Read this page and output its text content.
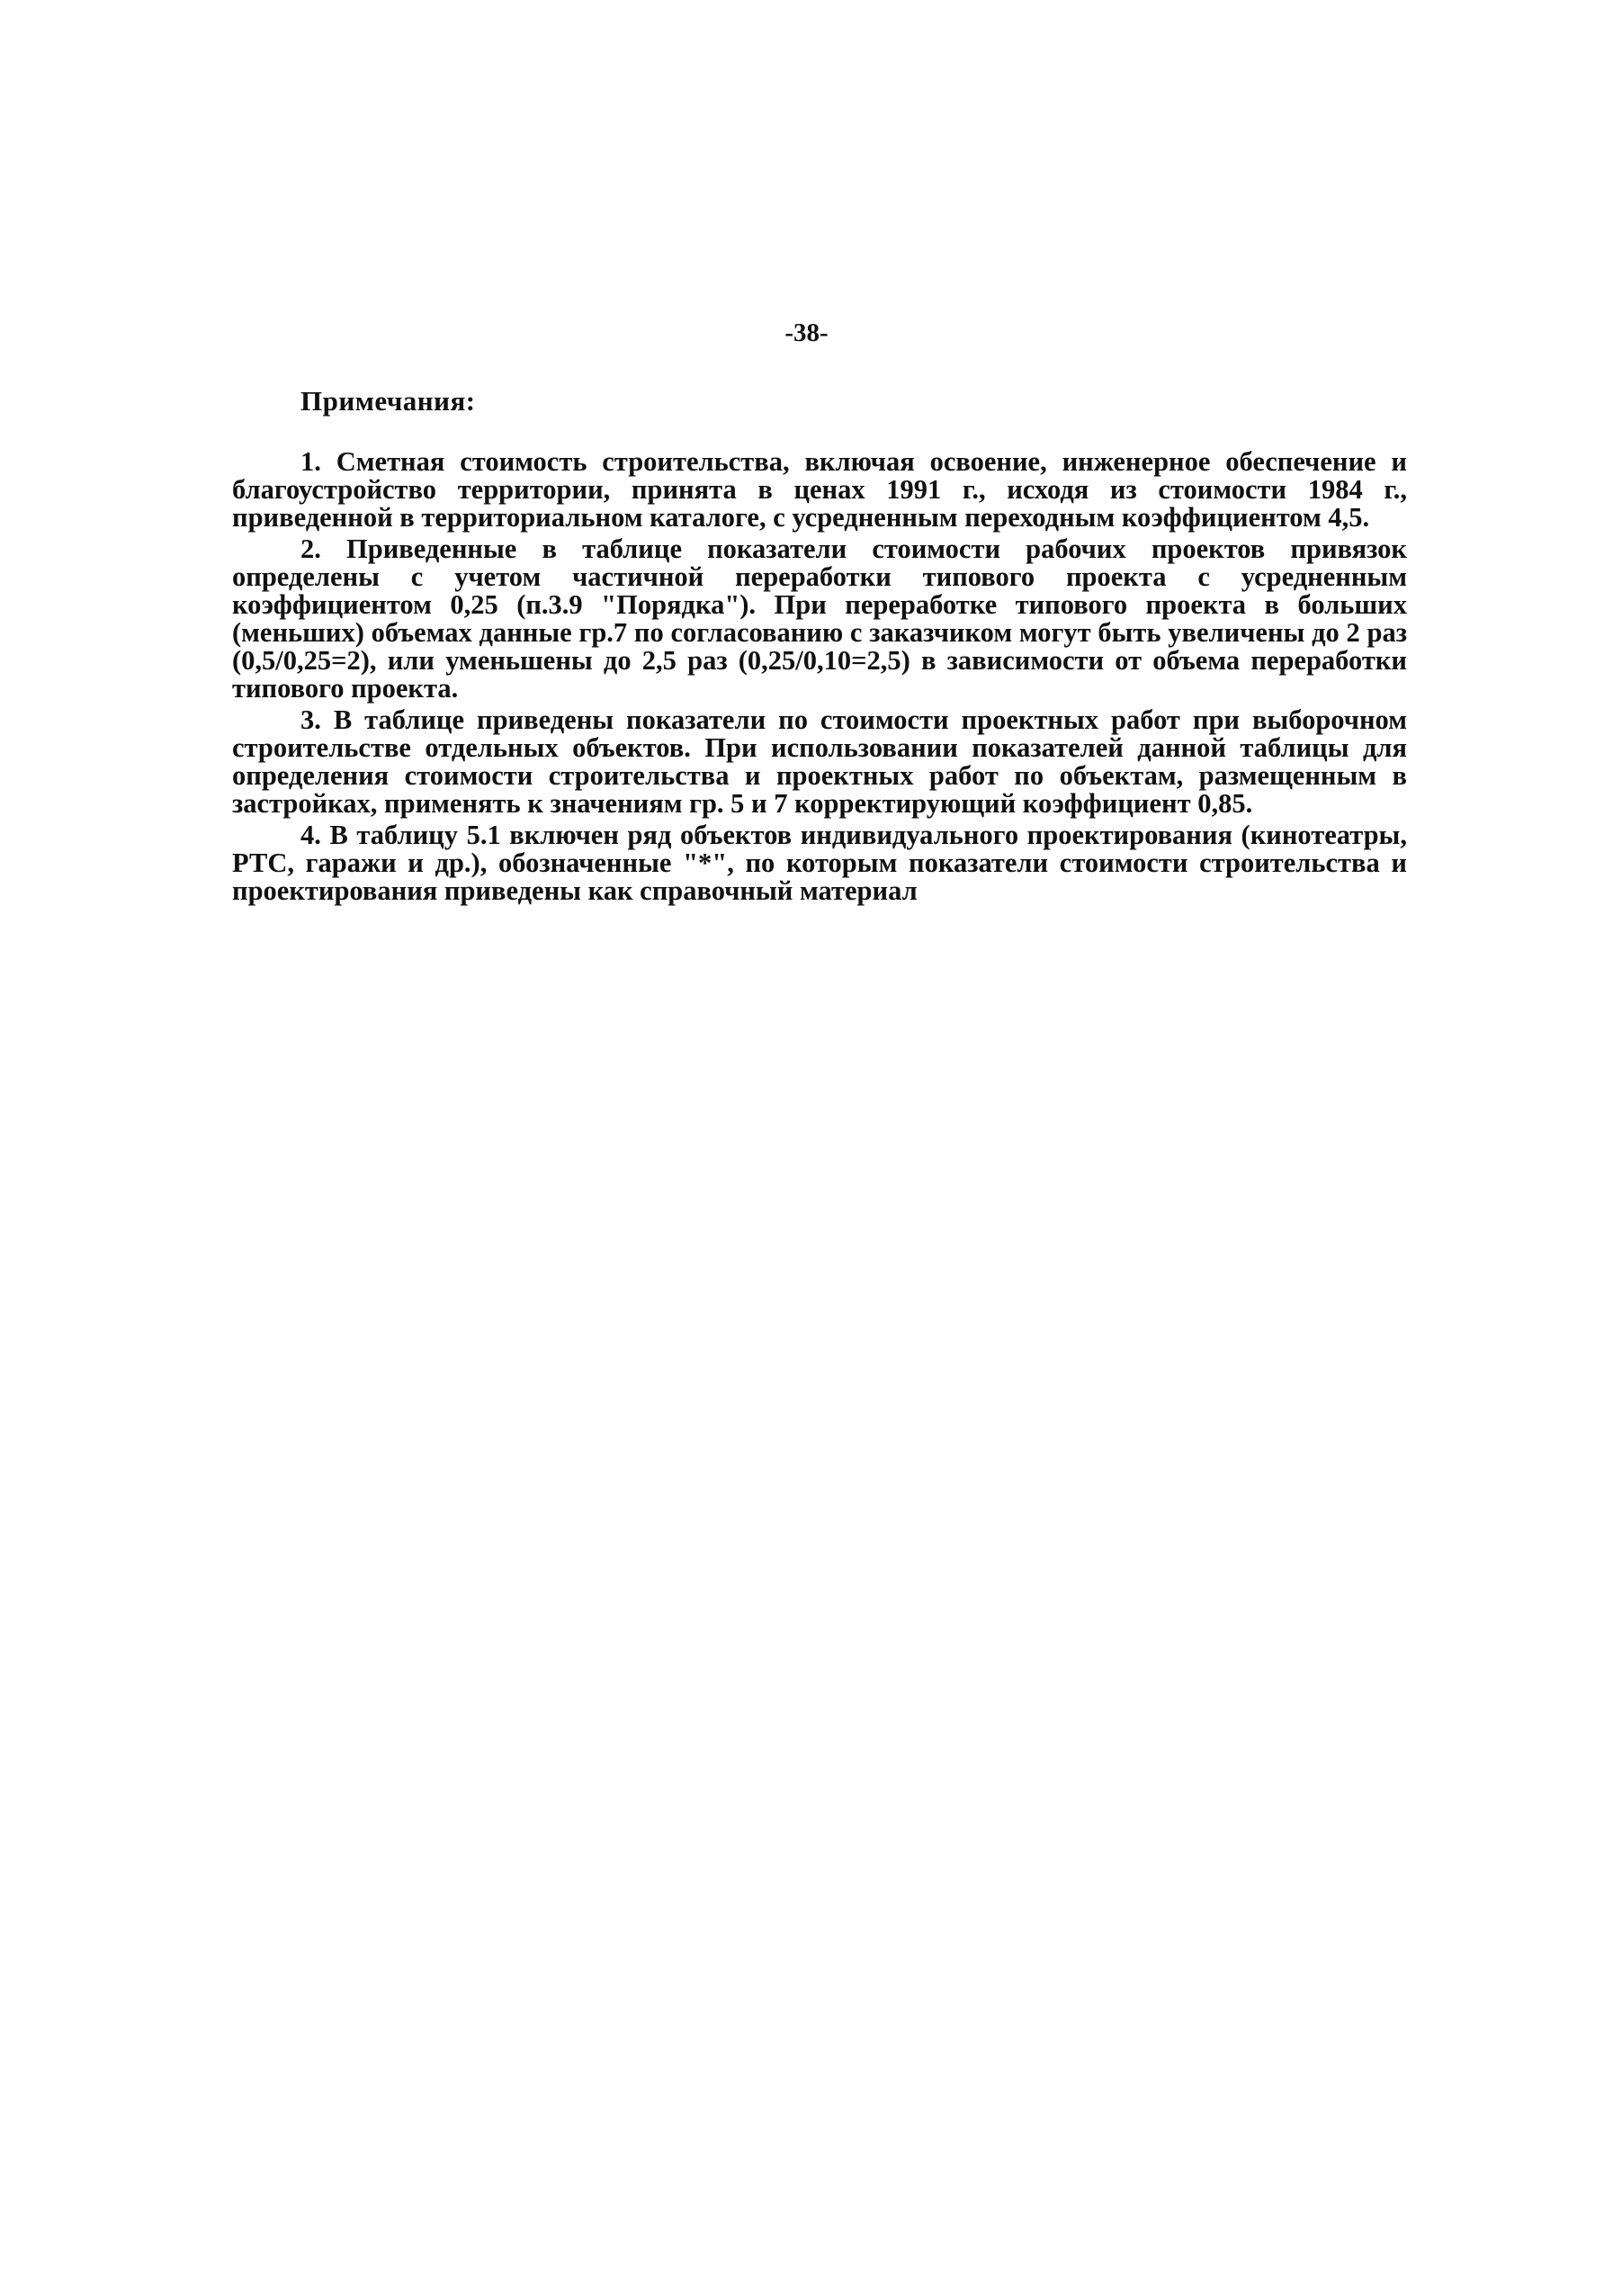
-38-
Примечания:

1. Сметная стоимость строительства, включая освоение, инженерное обеспечение и благоустройство территории, принята в ценах 1991 г., исходя из стоимости 1984 г., приведенной в территориальном каталоге, с усредненным переходным коэффициентом 4,5.

2. Приведенные в таблице показатели стоимости рабочих проектов привязок определены с учетом частичной переработки типового проекта с усредненным коэффициентом 0,25 (п.3.9 "Порядка"). При переработке типового проекта в больших (меньших) объемах данные гр.7 по согласованию с заказчиком могут быть увеличены до 2 раз (0,5/0,25=2), или уменьшены до 2,5 раз (0,25/0,10=2,5) в зависимости от объема переработки типового проекта.

3. В таблице приведены показатели по стоимости проектных работ при выборочном строительстве отдельных объектов. При использовании показателей данной таблицы для определения стоимости строительства и проектных работ по объектам, размещенным в застройках, применять к значениям гр. 5 и 7 корректирующий коэффициент 0,85.

4. В таблицу 5.1 включен ряд объектов индивидуального проектирования (кинотеатры, РТС, гаражи и др.), обозначенные "*", по которым показатели стоимости строительства и проектирования приведены как справочный материал
